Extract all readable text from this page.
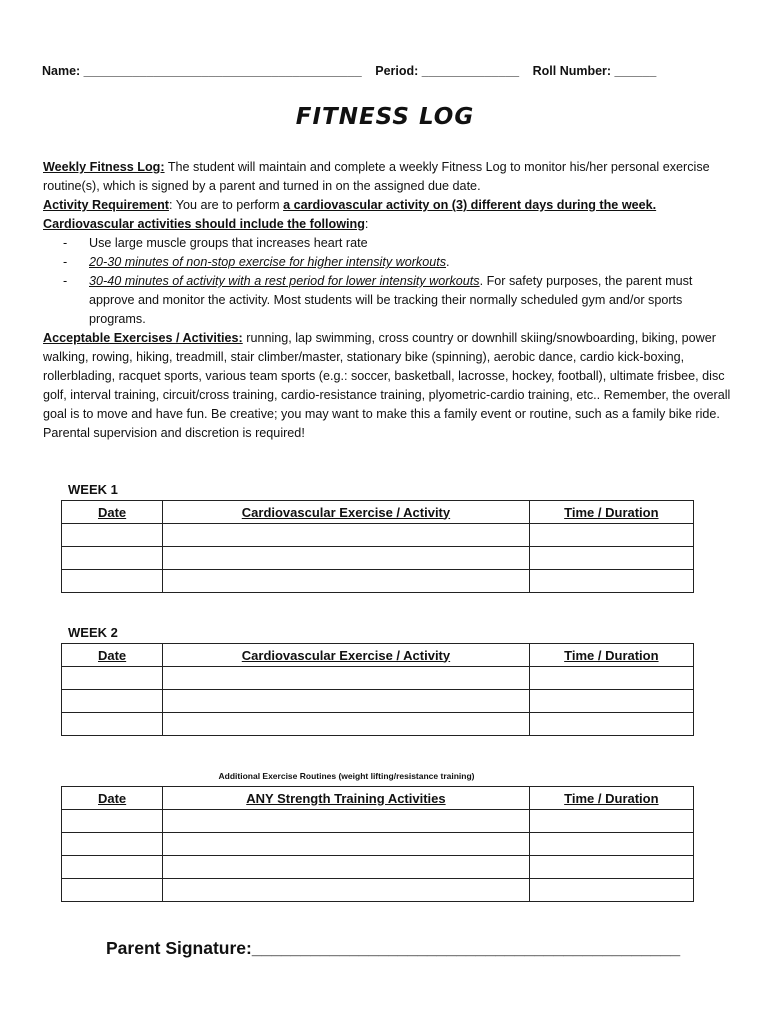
Name: ________________________________________ Period: ______________ Roll Number: ______
FITNESS LOG

Weekly Fitness Log: The student will maintain and complete a weekly Fitness Log to monitor his/her personal exercise routine(s), which is signed by a parent and turned in on the assigned due date.

Activity Requirement: You are to perform a cardiovascular activity on (3) different days during the week.

Cardiovascular activities should include the following:

- Use large muscle groups that increases heart rate
- 20-30 minutes of non-stop exercise for higher intensity workouts.
- 30-40 minutes of activity with a rest period for lower intensity workouts. For safety purposes, the parent must approve and monitor the activity. Most students will be tracking their normally scheduled gym and/or sports programs.

Acceptable Exercises / Activities: running, lap swimming, cross country or downhill skiing/snowboarding, biking, power walking, rowing, hiking, treadmill, stair climber/master, stationary bike (spinning), aerobic dance, cardio kick-boxing, rollerblading, racquet sports, various team sports (e.g.: soccer, basketball, lacrosse, hockey, football), ultimate frisbee, disc golf, interval training, circuit/cross training, cardio-resistance training, plyometric-cardio training, etc.. Remember, the overall goal is to move and have fun. Be creative; you may want to make this a family event or routine, such as a family bike ride. Parental supervision and discretion is required!

WEEK 1
Date	Cardiovascular Exercise / Activity	Time / Duration

WEEK 2
Date	Cardiovascular Exercise / Activity	Time / Duration

Additional Exercise Routines (weight lifting/resistance training)
Date	ANY Strength Training Activities	Time / Duration

Parent Signature:____________________________________________
